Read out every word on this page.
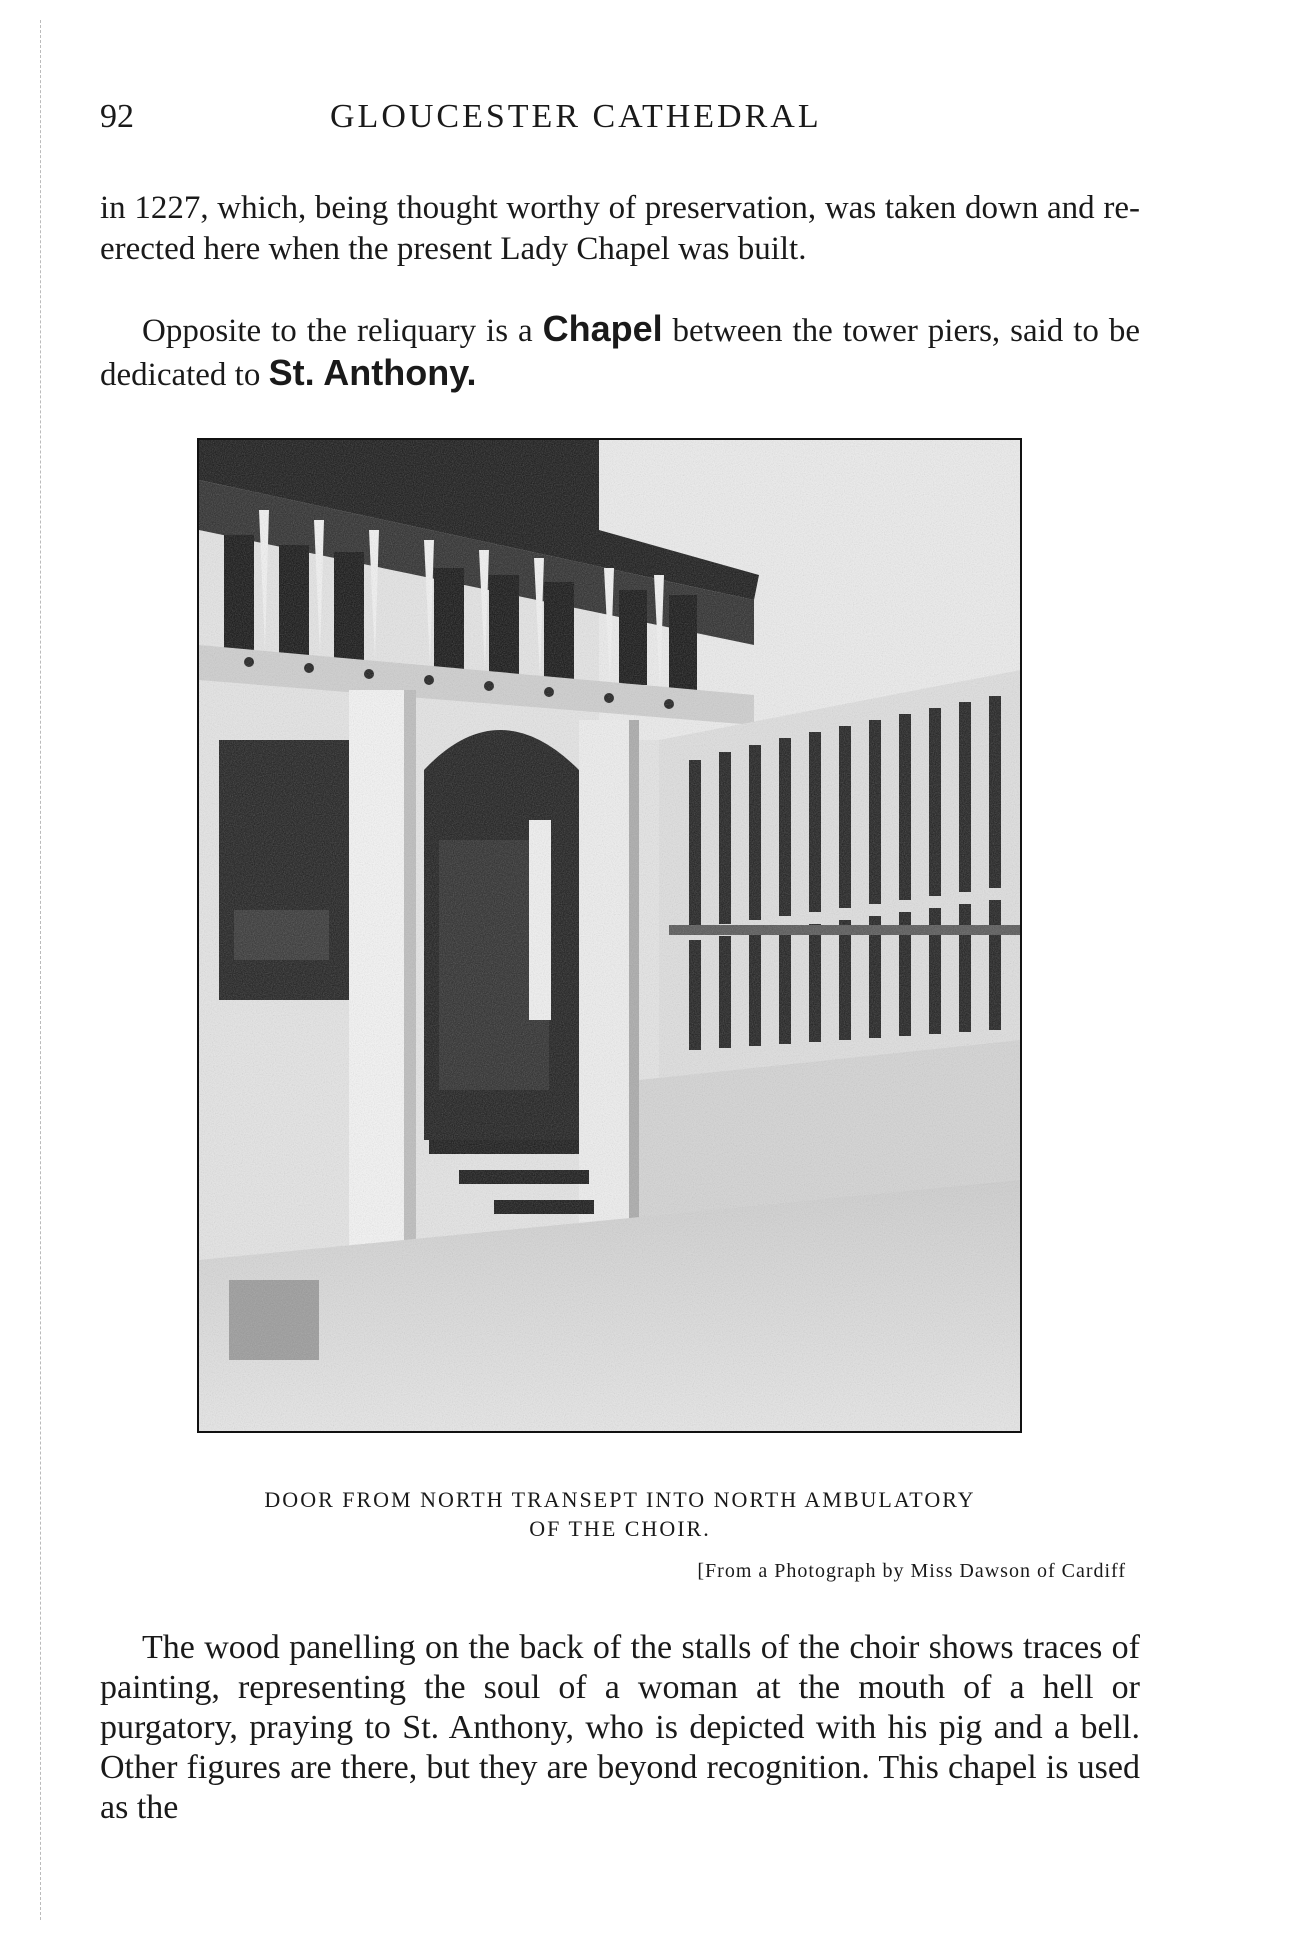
92	GLOUCESTER CATHEDRAL

in 1227, which, being thought worthy of preservation, was taken down and re-erected here when the present Lady Chapel was built.

Opposite to the reliquary is a Chapel between the tower piers, said to be dedicated to St. Anthony.

DOOR FROM NORTH TRANSEPT INTO NORTH AMBULATORY
OF THE CHOIR.
[From a Photograph by Miss Dawson of Cardiff

The wood panelling on the back of the stalls of the choir shows traces of painting, representing the soul of a woman at the mouth of a hell or purgatory, praying to St. Anthony, who is depicted with his pig and a bell. Other figures are there, but they are beyond recognition. This chapel is used as the
